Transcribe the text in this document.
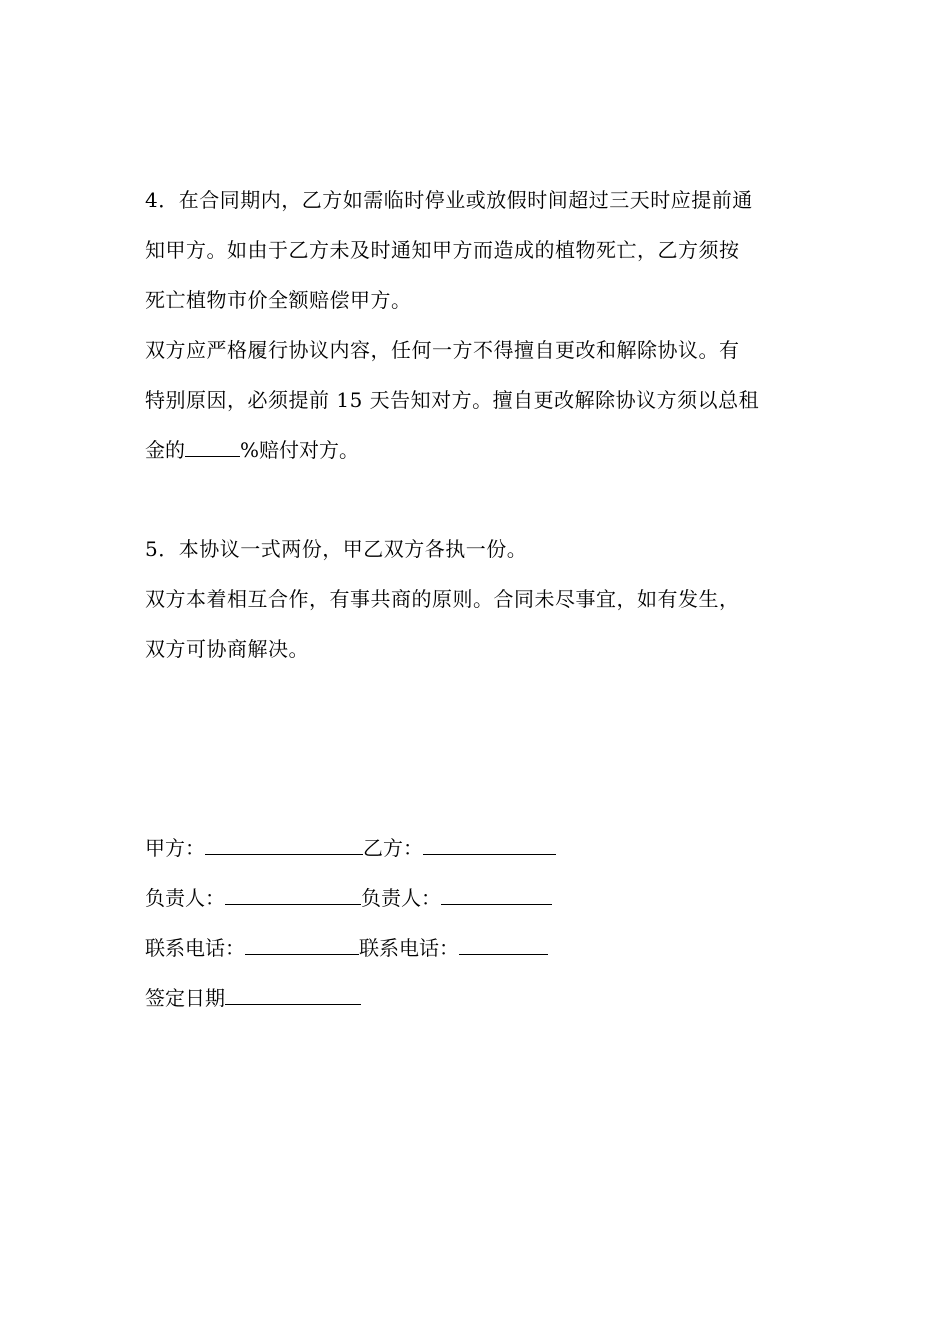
4．在合同期内，乙方如需临时停业或放假时间超过三天时应提前通
知甲方。如由于乙方未及时通知甲方而造成的植物死亡，乙方须按
死亡植物市价全额赔偿甲方。
双方应严格履行协议内容，任何一方不得擅自更改和解除协议。有
特别原因，必须提前 15 天告知对方。擅自更改解除协议方须以总租
金的	%赔付对方。
5．本协议一式两份，甲乙双方各执一份。
双方本着相互合作，有事共商的原则。合同未尽事宜，如有发生，
双方可协商解决。
甲方：	乙方：
负责人：	负责人：
联系电话：	联系电话：
签定日期
